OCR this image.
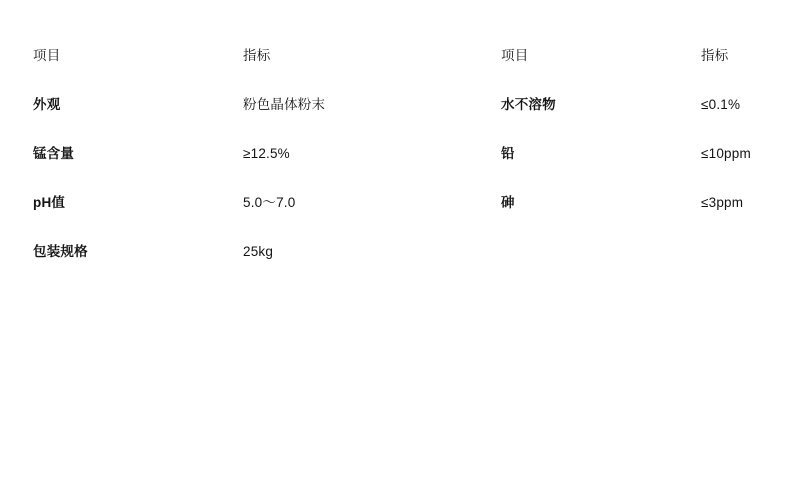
项目	指标	项目	指标
外观	粉色晶体粉末	水不溶物	≤0.1%
锰含量	≥12.5%	铅	≤10ppm
pH值	5.0～7.0	砷	≤3ppm
包装规格	25kg		
